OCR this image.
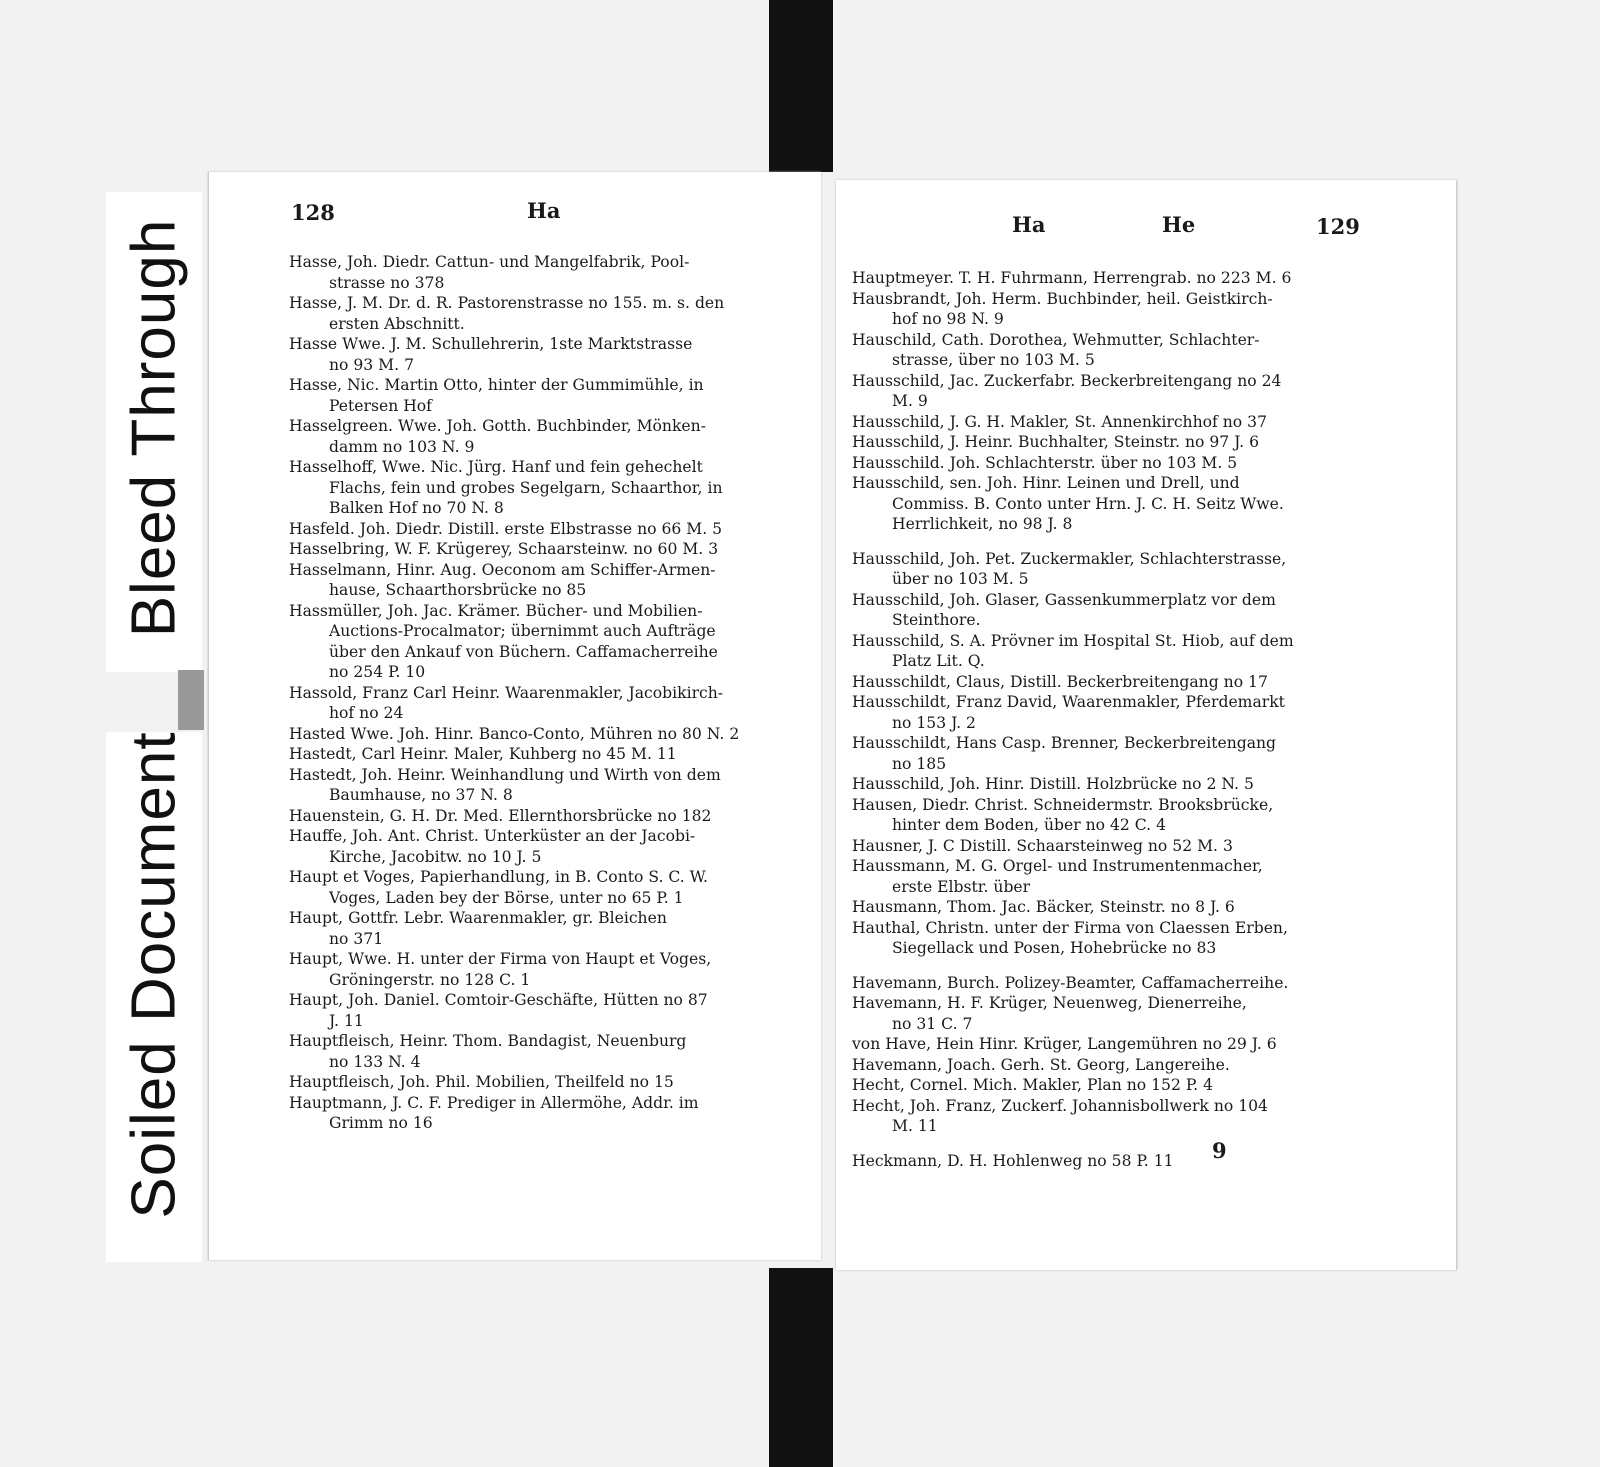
Bleed Through
Soiled Document
128	Ha
Hasse, Joh. Diedr. Cattun- und Mangelfabrik, Pool-
strasse no 378
Hasse, J. M. Dr. d. R. Pastorenstrasse no 155. m. s. den
ersten Abschnitt.
Hasse Wwe. J. M. Schullehrerin, 1ste Marktstrasse
no 93 M. 7
Hasse, Nic. Martin Otto, hinter der Gummimühle, in
Petersen Hof
Hasselgreen. Wwe. Joh. Gotth. Buchbinder, Mönken-
damm no 103 N. 9
Hasselhoff, Wwe. Nic. Jürg. Hanf und fein gehechelt
Flachs, fein und grobes Segelgarn, Schaarthor, in
Balken Hof no 70 N. 8
Hasfeld. Joh. Diedr. Distill. erste Elbstrasse no 66 M. 5
Hasselbring, W. F. Krügerey, Schaarsteinw. no 60 M. 3
Hasselmann, Hinr. Aug. Oeconom am Schiffer-Armen-
hause, Schaarthorsbrücke no 85
Hassmüller, Joh. Jac. Krämer. Bücher- und Mobilien-
Auctions-Procalmator; übernimmt auch Aufträge
über den Ankauf von Büchern. Caffamacherreihe
no 254 P. 10
Hassold, Franz Carl Heinr. Waarenmakler, Jacobikirch-
hof no 24
Hasted Wwe. Joh. Hinr. Banco-Conto, Mühren no 80 N. 2
Hastedt, Carl Heinr. Maler, Kuhberg no 45 M. 11
Hastedt, Joh. Heinr. Weinhandlung und Wirth von dem
Baumhause, no 37 N. 8
Hauenstein, G. H. Dr. Med. Ellernthorsbrücke no 182
Hauffe, Joh. Ant. Christ. Unterküster an der Jacobi-
Kirche, Jacobitw. no 10 J. 5
Haupt et Voges, Papierhandlung, in B. Conto S. C. W.
Voges, Laden bey der Börse, unter no 65 P. 1
Haupt, Gottfr. Lebr. Waarenmakler, gr. Bleichen
no 371
Haupt, Wwe. H. unter der Firma von Haupt et Voges,
Gröningerstr. no 128 C. 1
Haupt, Joh. Daniel. Comtoir-Geschäfte, Hütten no 87
J. 11
Hauptfleisch, Heinr. Thom. Bandagist, Neuenburg
no 133 N. 4
Hauptfleisch, Joh. Phil. Mobilien, Theilfeld no 15
Hauptmann, J. C. F. Prediger in Allermöhe, Addr. im
Grimm no 16
Ha	He	129
Hauptmeyer. T. H. Fuhrmann, Herrengrab. no 223 M. 6
Hausbrandt, Joh. Herm. Buchbinder, heil. Geistkirch-
hof no 98 N. 9
Hauschild, Cath. Dorothea, Wehmutter, Schlachter-
strasse, über no 103 M. 5
Hausschild, Jac. Zuckerfabr. Beckerbreitengang no 24
M. 9
Hausschild, J. G. H. Makler, St. Annenkirchhof no 37
Hausschild, J. Heinr. Buchhalter, Steinstr. no 97 J. 6
Hausschild. Joh. Schlachterstr. über no 103 M. 5
Hausschild, sen. Joh. Hinr. Leinen und Drell, und
Commiss. B. Conto unter Hrn. J. C. H. Seitz Wwe.
Herrlichkeit, no 98 J. 8
Hausschild, Joh. Pet. Zuckermakler, Schlachterstrasse,
über no 103 M. 5
Hausschild, Joh. Glaser, Gassenkummerplatz vor dem
Steinthore.
Hausschild, S. A. Prövner im Hospital St. Hiob, auf dem
Platz Lit. Q.
Hausschildt, Claus, Distill. Beckerbreitengang no 17
Hausschildt, Franz David, Waarenmakler, Pferdemarkt
no 153 J. 2
Hausschildt, Hans Casp. Brenner, Beckerbreitengang
no 185
Hausschild, Joh. Hinr. Distill. Holzbrücke no 2 N. 5
Hausen, Diedr. Christ. Schneidermstr. Brooksbrücke,
hinter dem Boden, über no 42 C. 4
Hausner, J. C Distill. Schaarsteinweg no 52 M. 3
Haussmann, M. G. Orgel- und Instrumentenmacher,
erste Elbstr. über
Hausmann, Thom. Jac. Bäcker, Steinstr. no 8 J. 6
Hauthal, Christn. unter der Firma von Claessen Erben,
Siegellack und Posen, Hohebrücke no 83
Havemann, Burch. Polizey-Beamter, Caffamacherreihe.
Havemann, H. F. Krüger, Neuenweg, Dienerreihe,
no 31 C. 7
von Have, Hein Hinr. Krüger, Langemühren no 29 J. 6
Havemann, Joach. Gerh. St. Georg, Langereihe.
Hecht, Cornel. Mich. Makler, Plan no 152 P. 4
Hecht, Joh. Franz, Zuckerf. Johannisbollwerk no 104
M. 11
Heckmann, D. H. Hohlenweg no 58 P. 11	9
